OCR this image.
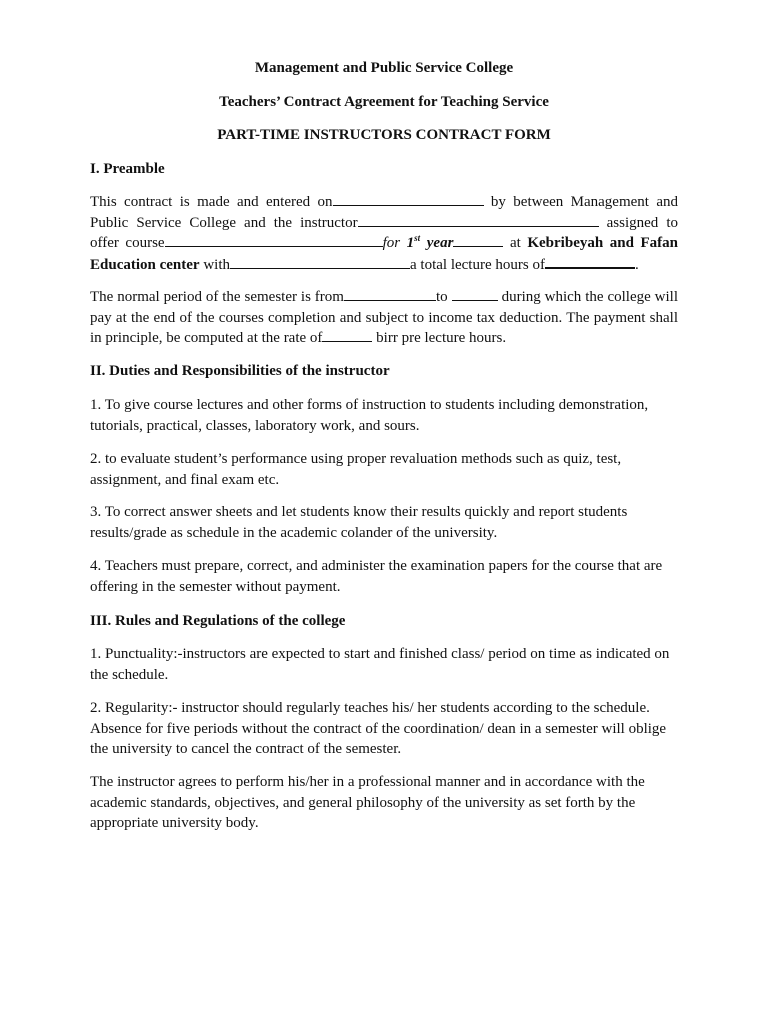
Management and Public Service College

Teachers’ Contract Agreement for Teaching Service

PART-TIME INSTRUCTORS CONTRACT FORM

I. Preamble

This contract is made and entered on	by between Management and Public Service College and the instructor	assigned to offer course	for 1st year	at Kebribeyah and Fafan Education center with	a total lecture hours of	.

The normal period of the semester is from	to	during which the college will pay at the end of the courses completion and subject to income tax deduction. The payment shall in principle, be computed at the rate of	birr pre lecture hours.

II. Duties and Responsibilities of the instructor

1. To give course lectures and other forms of instruction to students including demonstration, tutorials, practical, classes, laboratory work, and sours.

2. to evaluate student’s performance using proper revaluation methods such as quiz, test, assignment, and final exam etc.

3. To correct answer sheets and let students know their results quickly and report students results/grade as schedule in the academic colander of the university.

4. Teachers must prepare, correct, and administer the examination papers for the course that are offering in the semester without payment.

III. Rules and Regulations of the college

1. Punctuality:-instructors are expected to start and finished class/ period on time as indicated on the schedule.

2. Regularity:- instructor should regularly teaches his/ her students according to the schedule. Absence for five periods without the contract of the coordination/ dean in a semester will oblige the university to cancel the contract of the semester.

The instructor agrees to perform his/her in a professional manner and in accordance with the academic standards, objectives, and general philosophy of the university as set forth by the appropriate university body.
